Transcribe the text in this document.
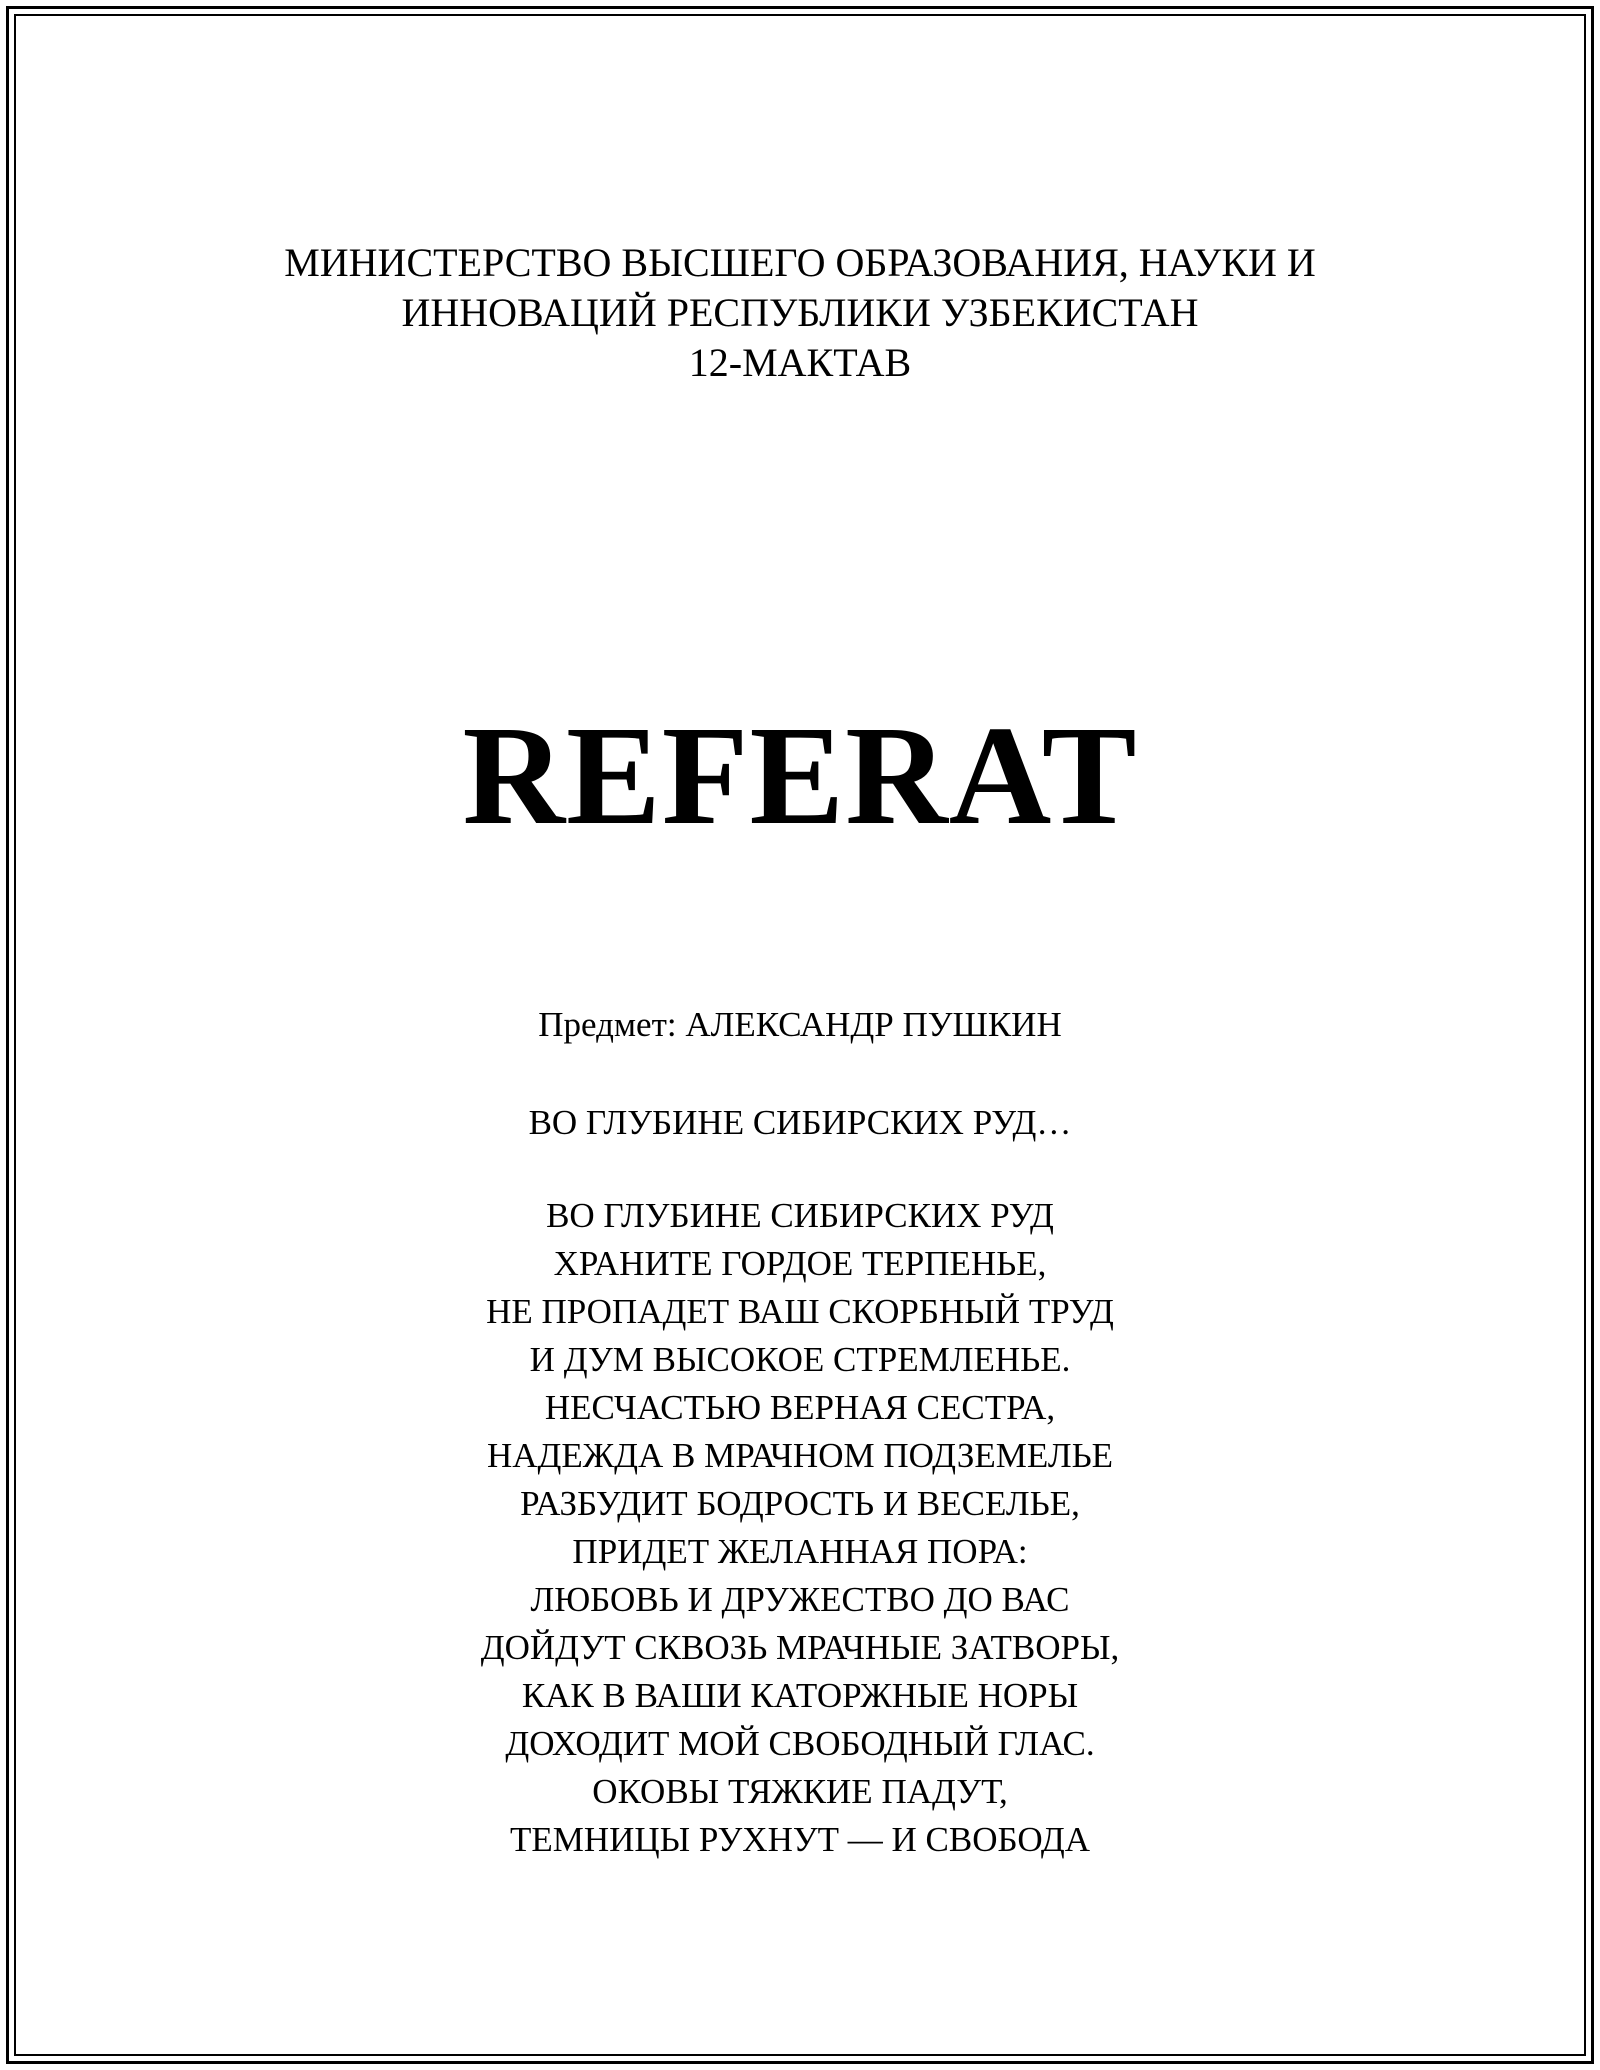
МИНИСТЕРСТВО ВЫСШЕГО ОБРАЗОВАНИЯ, НАУКИ И
ИННОВАЦИЙ РЕСПУБЛИКИ УЗБЕКИСТАН
12-МАКТАВ
REFERAT
Предмет: АЛЕКСАНДР ПУШКИН
ВО ГЛУБИНЕ СИБИРСКИХ РУД…
ВО ГЛУБИНЕ СИБИРСКИХ РУД
ХРАНИТЕ ГОРДОЕ ТЕРПЕНЬЕ,
НЕ ПРОПАДЕТ ВАШ СКОРБНЫЙ ТРУД
И ДУМ ВЫСОКОЕ СТРЕМЛЕНЬЕ.
НЕСЧАСТЬЮ ВЕРНАЯ СЕСТРА,
НАДЕЖДА В МРАЧНОМ ПОДЗЕМЕЛЬЕ
РАЗБУДИТ БОДРОСТЬ И ВЕСЕЛЬЕ,
ПРИДЕТ ЖЕЛАННАЯ ПОРА:
ЛЮБОВЬ И ДРУЖЕСТВО ДО ВАС
ДОЙДУТ СКВОЗЬ МРАЧНЫЕ ЗАТВОРЫ,
КАК В ВАШИ КАТОРЖНЫЕ НОРЫ
ДОХОДИТ МОЙ СВОБОДНЫЙ ГЛАС.
ОКОВЫ ТЯЖКИЕ ПАДУТ,
ТЕМНИЦЫ РУХНУТ — И СВОБОДА
